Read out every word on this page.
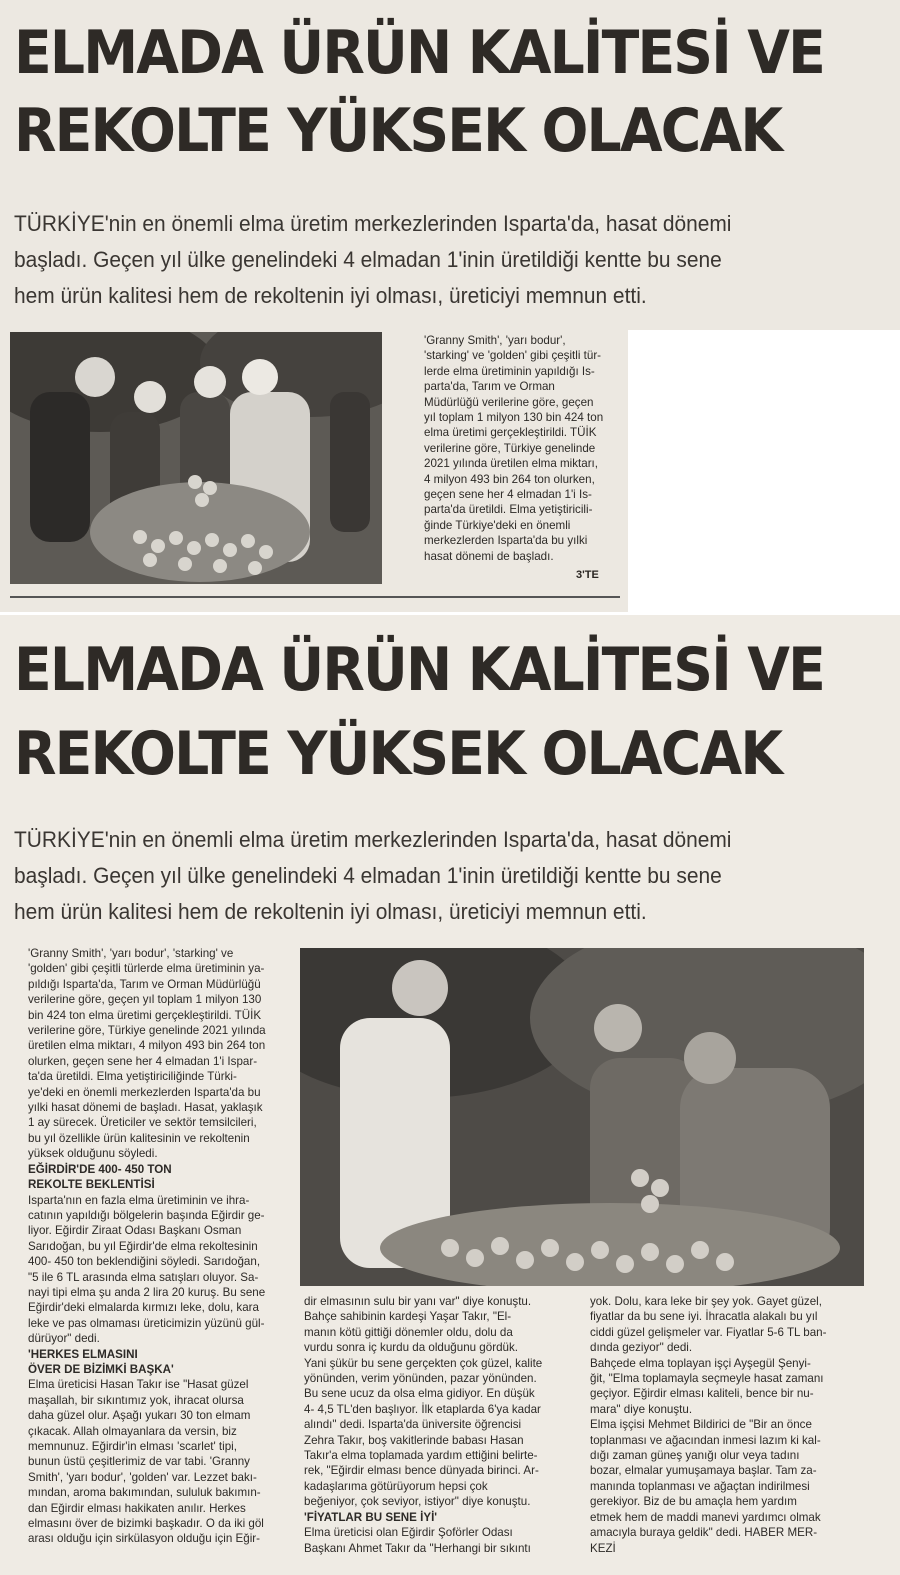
ELMADA ÜRÜN KALİTESİ VE
REKOLTE YÜKSEK OLACAK

TÜRKİYE'nin en önemli elma üretim merkezlerinden Isparta'da, hasat dönemi
başladı. Geçen yıl ülke genelindeki 4 elmadan 1'inin üretildiği kentte bu sene
hem ürün kalitesi hem de rekoltenin iyi olması, üreticiyi memnun etti.

'Granny Smith', 'yarı bodur',
'starking' ve 'golden' gibi çeşitli tür-
lerde elma üretiminin yapıldığı Is-
parta'da, Tarım ve Orman
Müdürlüğü verilerine göre, geçen
yıl toplam 1 milyon 130 bin 424 ton
elma üretimi gerçekleştirildi. TÜİK
verilerine göre, Türkiye genelinde
2021 yılında üretilen elma miktarı,
4 milyon 493 bin 264 ton olurken,
geçen sene her 4 elmadan 1'i Is-
parta'da üretildi. Elma yetiştiricili-
ğinde Türkiye'deki en önemli
merkezlerden Isparta'da bu yılki
hasat dönemi de başladı.
3'TE
ELMADA ÜRÜN KALİTESİ VE
REKOLTE YÜKSEK OLACAK

TÜRKİYE'nin en önemli elma üretim merkezlerinden Isparta'da, hasat dönemi
başladı. Geçen yıl ülke genelindeki 4 elmadan 1'inin üretildiği kentte bu sene
hem ürün kalitesi hem de rekoltenin iyi olması, üreticiyi memnun etti.

'Granny Smith', 'yarı bodur', 'starking' ve
'golden' gibi çeşitli türlerde elma üretiminin ya-
pıldığı Isparta'da, Tarım ve Orman Müdürlüğü
verilerine göre, geçen yıl toplam 1 milyon 130
bin 424 ton elma üretimi gerçekleştirildi. TÜİK
verilerine göre, Türkiye genelinde 2021 yılında
üretilen elma miktarı, 4 milyon 493 bin 264 ton
olurken, geçen sene her 4 elmadan 1'i Ispar-
ta'da üretildi. Elma yetiştiriciliğinde Türki-
ye'deki en önemli merkezlerden Isparta'da bu
yılki hasat dönemi de başladı. Hasat, yaklaşık
1 ay sürecek. Üreticiler ve sektör temsilcileri,
bu yıl özellikle ürün kalitesinin ve rekoltenin
yüksek olduğunu söyledi.
EĞİRDİR'DE 400- 450 TON
REKOLTE BEKLENTİSİ
Isparta'nın en fazla elma üretiminin ve ihra-
catının yapıldığı bölgelerin başında Eğirdir ge-
liyor. Eğirdir Ziraat Odası Başkanı Osman
Sarıdoğan, bu yıl Eğirdir'de elma rekoltesinin
400- 450 ton beklendiğini söyledi. Sarıdoğan,
"5 ile 6 TL arasında elma satışları oluyor. Sa-
nayi tipi elma şu anda 2 lira 20 kuruş. Bu sene
Eğirdir'deki elmalarda kırmızı leke, dolu, kara
leke ve pas olmaması üreticimizin yüzünü gül-
dürüyor" dedi.
'HERKES ELMASINI
ÖVER DE BİZİMKİ BAŞKA'
Elma üreticisi Hasan Takır ise "Hasat güzel
maşallah, bir sıkıntımız yok, ihracat olursa
daha güzel olur. Aşağı yukarı 30 ton elmam
çıkacak. Allah olmayanlara da versin, biz
memnunuz. Eğirdir'in elması 'scarlet' tipi,
bunun üstü çeşitlerimiz de var tabi. 'Granny
Smith', 'yarı bodur', 'golden' var. Lezzet bakı-
mından, aroma bakımından, sululuk bakımın-
dan Eğirdir elması hakikaten anılır. Herkes
elmasını över de bizimki başkadır. O da iki göl
arası olduğu için sirkülasyon olduğu için Eğir-
dir elmasının sulu bir yanı var" diye konuştu.
Bahçe sahibinin kardeşi Yaşar Takır, "El-
manın kötü gittiği dönemler oldu, dolu da
vurdu sonra iç kurdu da olduğunu gördük.
Yani şükür bu sene gerçekten çok güzel, kalite
yönünden, verim yönünden, pazar yönünden.
Bu sene ucuz da olsa elma gidiyor. En düşük
4- 4,5 TL'den başlıyor. İlk etaplarda 6'ya kadar
alındı" dedi. Isparta'da üniversite öğrencisi
Zehra Takır, boş vakitlerinde babası Hasan
Takır'a elma toplamada yardım ettiğini belirte-
rek, "Eğirdir elması bence dünyada birinci. Ar-
kadaşlarıma götürüyorum hepsi çok
beğeniyor, çok seviyor, istiyor" diye konuştu.
'FİYATLAR BU SENE İYİ'
Elma üreticisi olan Eğirdir Şoförler Odası
Başkanı Ahmet Takır da "Herhangi bir sıkıntı
yok. Dolu, kara leke bir şey yok. Gayet güzel,
fiyatlar da bu sene iyi. İhracatla alakalı bu yıl
ciddi güzel gelişmeler var. Fiyatlar 5-6 TL ban-
dında geziyor" dedi.
Bahçede elma toplayan işçi Ayşegül Şenyi-
ğit, "Elma toplamayla seçmeyle hasat zamanı
geçiyor. Eğirdir elması kaliteli, bence bir nu-
mara" diye konuştu.
Elma işçisi Mehmet Bildirici de "Bir an önce
toplanması ve ağacından inmesi lazım ki kal-
dığı zaman güneş yanığı olur veya tadını
bozar, elmalar yumuşamaya başlar. Tam za-
manında toplanması ve ağaçtan indirilmesi
gerekiyor. Biz de bu amaçla hem yardım
etmek hem de maddi manevi yardımcı olmak
amacıyla buraya geldik" dedi. HABER MER-
KEZİ
